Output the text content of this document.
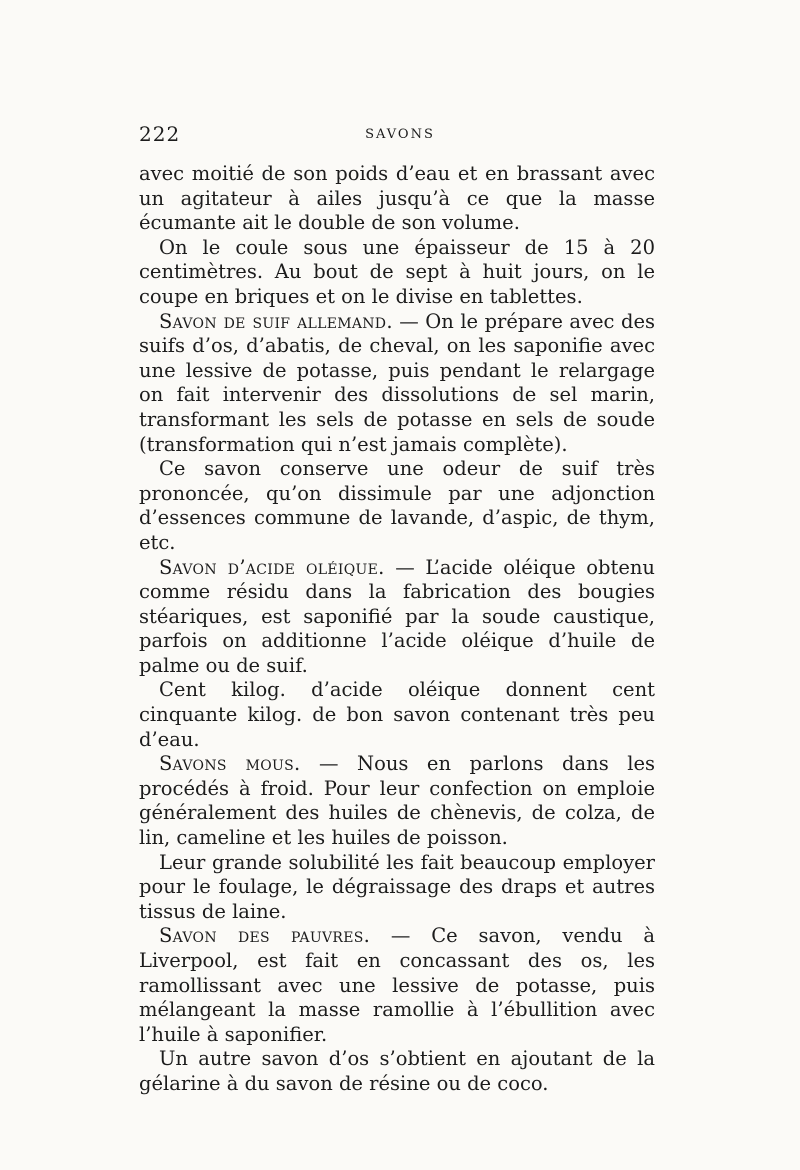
222	SAVONS

avec moitié de son poids d’eau et en brassant avec un agitateur à ailes jusqu’à ce que la masse écumante ait le double de son volume.

On le coule sous une épaisseur de 15 à 20 centimètres. Au bout de sept à huit jours, on le coupe en briques et on le divise en tablettes.

Savon de suif allemand. — On le prépare avec des suifs d’os, d’abatis, de cheval, on les saponifie avec une lessive de potasse, puis pendant le relargage on fait intervenir des dissolutions de sel marin, transformant les sels de potasse en sels de soude (transformation qui n’est jamais complète).

Ce savon conserve une odeur de suif très prononcée, qu’on dissimule par une adjonction d’essences commune de lavande, d’aspic, de thym, etc.

Savon d’acide oléique. — L’acide oléique obtenu comme résidu dans la fabrication des bougies stéariques, est saponifié par la soude caustique, parfois on additionne l’acide oléique d’huile de palme ou de suif.

Cent kilog. d’acide oléique donnent cent cinquante kilog. de bon savon contenant très peu d’eau.

Savons mous. — Nous en parlons dans les procédés à froid. Pour leur confection on emploie généralement des huiles de chènevis, de colza, de lin, cameline et les huiles de poisson.

Leur grande solubilité les fait beaucoup employer pour le foulage, le dégraissage des draps et autres tissus de laine.

Savon des pauvres. — Ce savon, vendu à Liverpool, est fait en concassant des os, les ramollissant avec une lessive de potasse, puis mélangeant la masse ramollie à l’ébullition avec l’huile à saponifier.

Un autre savon d’os s’obtient en ajoutant de la gélarine à du savon de résine ou de coco.
